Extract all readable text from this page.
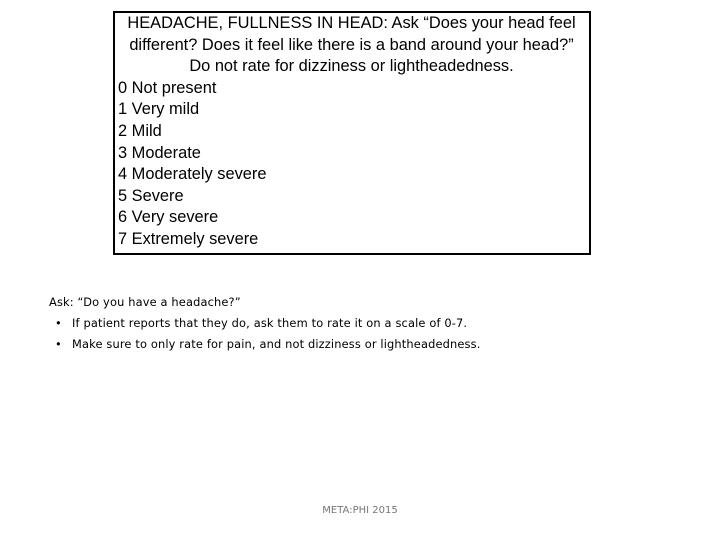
HEADACHE, FULLNESS IN HEAD: Ask “Does your head feel different? Does it feel like there is a band around your head?” Do not rate for dizziness or lightheadedness.

0 Not present
1 Very mild
2 Mild
3 Moderate
4 Moderately severe
5 Severe
6 Very severe
7 Extremely severe

Ask: “Do you have a headache?”

• If patient reports that they do, ask them to rate it on a scale of 0-7.
• Make sure to only rate for pain, and not dizziness or lightheadedness.
META:PHI 2015
